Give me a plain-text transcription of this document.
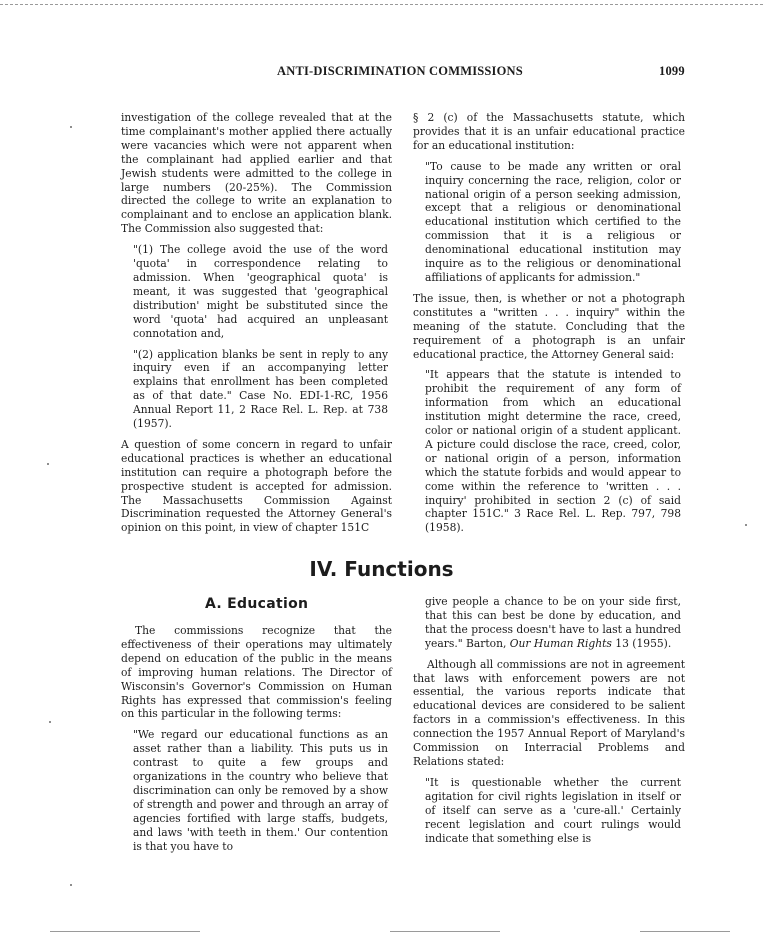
ANTI-DISCRIMINATION COMMISSIONS	1099

investigation of the college revealed that at the time complainant's mother applied there actually were vacancies which were not apparent when the complainant had applied earlier and that Jewish students were admitted to the college in large numbers (20-25%). The Commission directed the college to write an explanation to complainant and to enclose an application blank. The Commission also suggested that:

"(1) The college avoid the use of the word 'quota' in correspondence relating to admission. When 'geographical quota' is meant, it was suggested that 'geographical distribution' might be substituted since the word 'quota' had acquired an unpleasant connotation and,

"(2) application blanks be sent in reply to any inquiry even if an accompanying letter explains that enrollment has been completed as of that date." Case No. EDI-1-RC, 1956 Annual Report 11, 2 Race Rel. L. Rep. at 738 (1957).

A question of some concern in regard to unfair educational practices is whether an educational institution can require a photograph before the prospective student is accepted for admission. The Massachusetts Commission Against Discrimination requested the Attorney General's opinion on this point, in view of chapter 151C

§ 2 (c) of the Massachusetts statute, which provides that it is an unfair educational practice for an educational institution:

"To cause to be made any written or oral inquiry concerning the race, religion, color or national origin of a person seeking admission, except that a religious or denominational educational institution which certified to the commission that it is a religious or denominational educational institution may inquire as to the religious or denominational affiliations of applicants for admission."

The issue, then, is whether or not a photograph constitutes a "written . . . inquiry" within the meaning of the statute. Concluding that the requirement of a photograph is an unfair educational practice, the Attorney General said:

"It appears that the statute is intended to prohibit the requirement of any form of information from which an educational institution might determine the race, creed, color or national origin of a student applicant. A picture could disclose the race, creed, color, or national origin of a person, information which the statute forbids and would appear to come within the reference to 'written . . . inquiry' prohibited in section 2 (c) of said chapter 151C." 3 Race Rel. L. Rep. 797, 798 (1958).

IV. Functions
A. Education

The commissions recognize that the effectiveness of their operations may ultimately depend on education of the public in the means of improving human relations. The Director of Wisconsin's Governor's Commission on Human Rights has expressed that commission's feeling on this particular in the following terms:

"We regard our educational functions as an asset rather than a liability. This puts us in contrast to quite a few groups and organizations in the country who believe that discrimination can only be removed by a show of strength and power and through an array of agencies fortified with large staffs, budgets, and laws 'with teeth in them.' Our contention is that you have to

give people a chance to be on your side first, that this can best be done by education, and that the process doesn't have to last a hundred years." Barton, Our Human Rights 13 (1955).

Although all commissions are not in agreement that laws with enforcement powers are not essential, the various reports indicate that educational devices are considered to be salient factors in a commission's effectiveness. In this connection the 1957 Annual Report of Maryland's Commission on Interracial Problems and Relations stated:

"It is questionable whether the current agitation for civil rights legislation in itself or of itself can serve as a 'cure-all.' Certainly recent legislation and court rulings would indicate that something else is
